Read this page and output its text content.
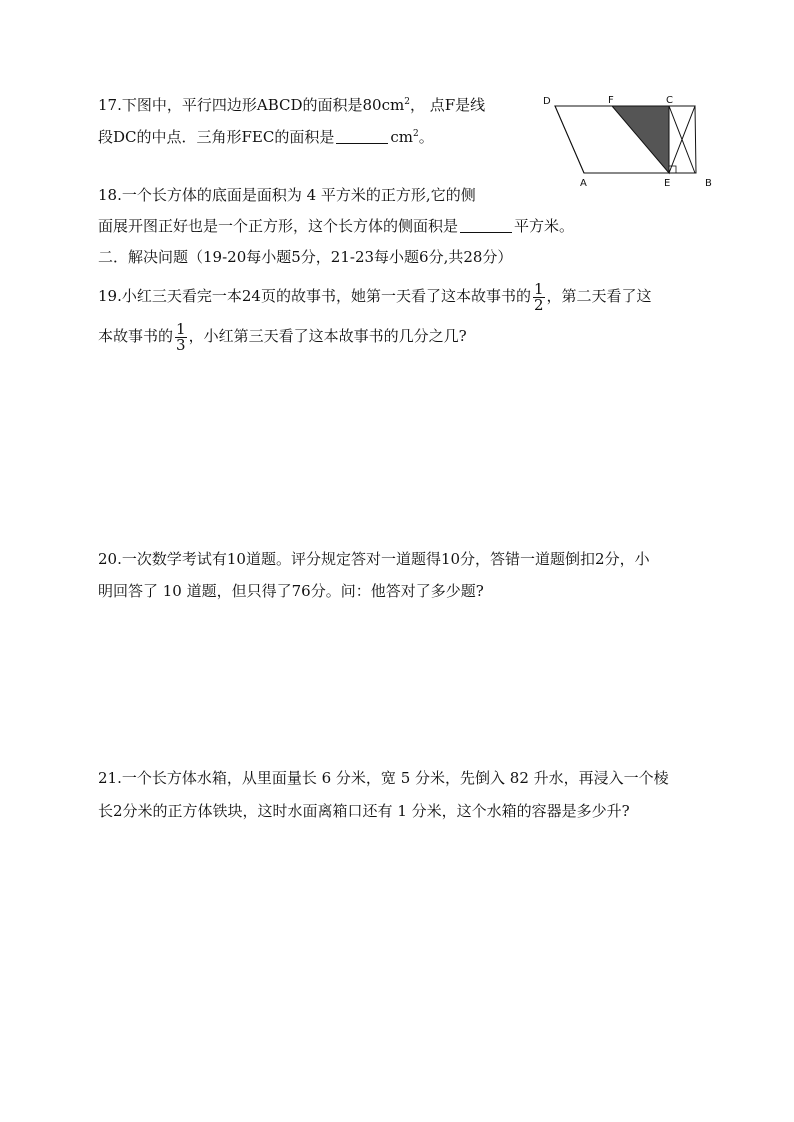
17.下图中，平行四边形ABCD的面积是$80cm^2$， 点F是线
段DC的中点．三角形FEC的面积是	$cm^2$。
D	F	C
A	E	B
18.一个长方体的底面是面积为 4 平方米的正方形,它的侧
面展开图正好也是一个正方形，这个长方体的侧面积是	平方米。
二．解决问题（19-20每小题5分，21-23每小题6分,共28分）
19.小红三天看完一本24页的故事书，她第一天看了这本故事书的 $\frac{1}{2}$ ，第二天看了这
本故事书的 $\frac{1}{3}$ ，小红第三天看了这本故事书的几分之几?
20.一次数学考试有10道题。评分规定答对一道题得10分，答错一道题倒扣2分，小
明回答了 10 道题，但只得了76分。问：他答对了多少题?
21.一个长方体水箱，从里面量长 6 分米，宽 5 分米，先倒入 82 升水，再浸入一个棱
长2分米的正方体铁块，这时水面离箱口还有 1 分米，这个水箱的容器是多少升?
